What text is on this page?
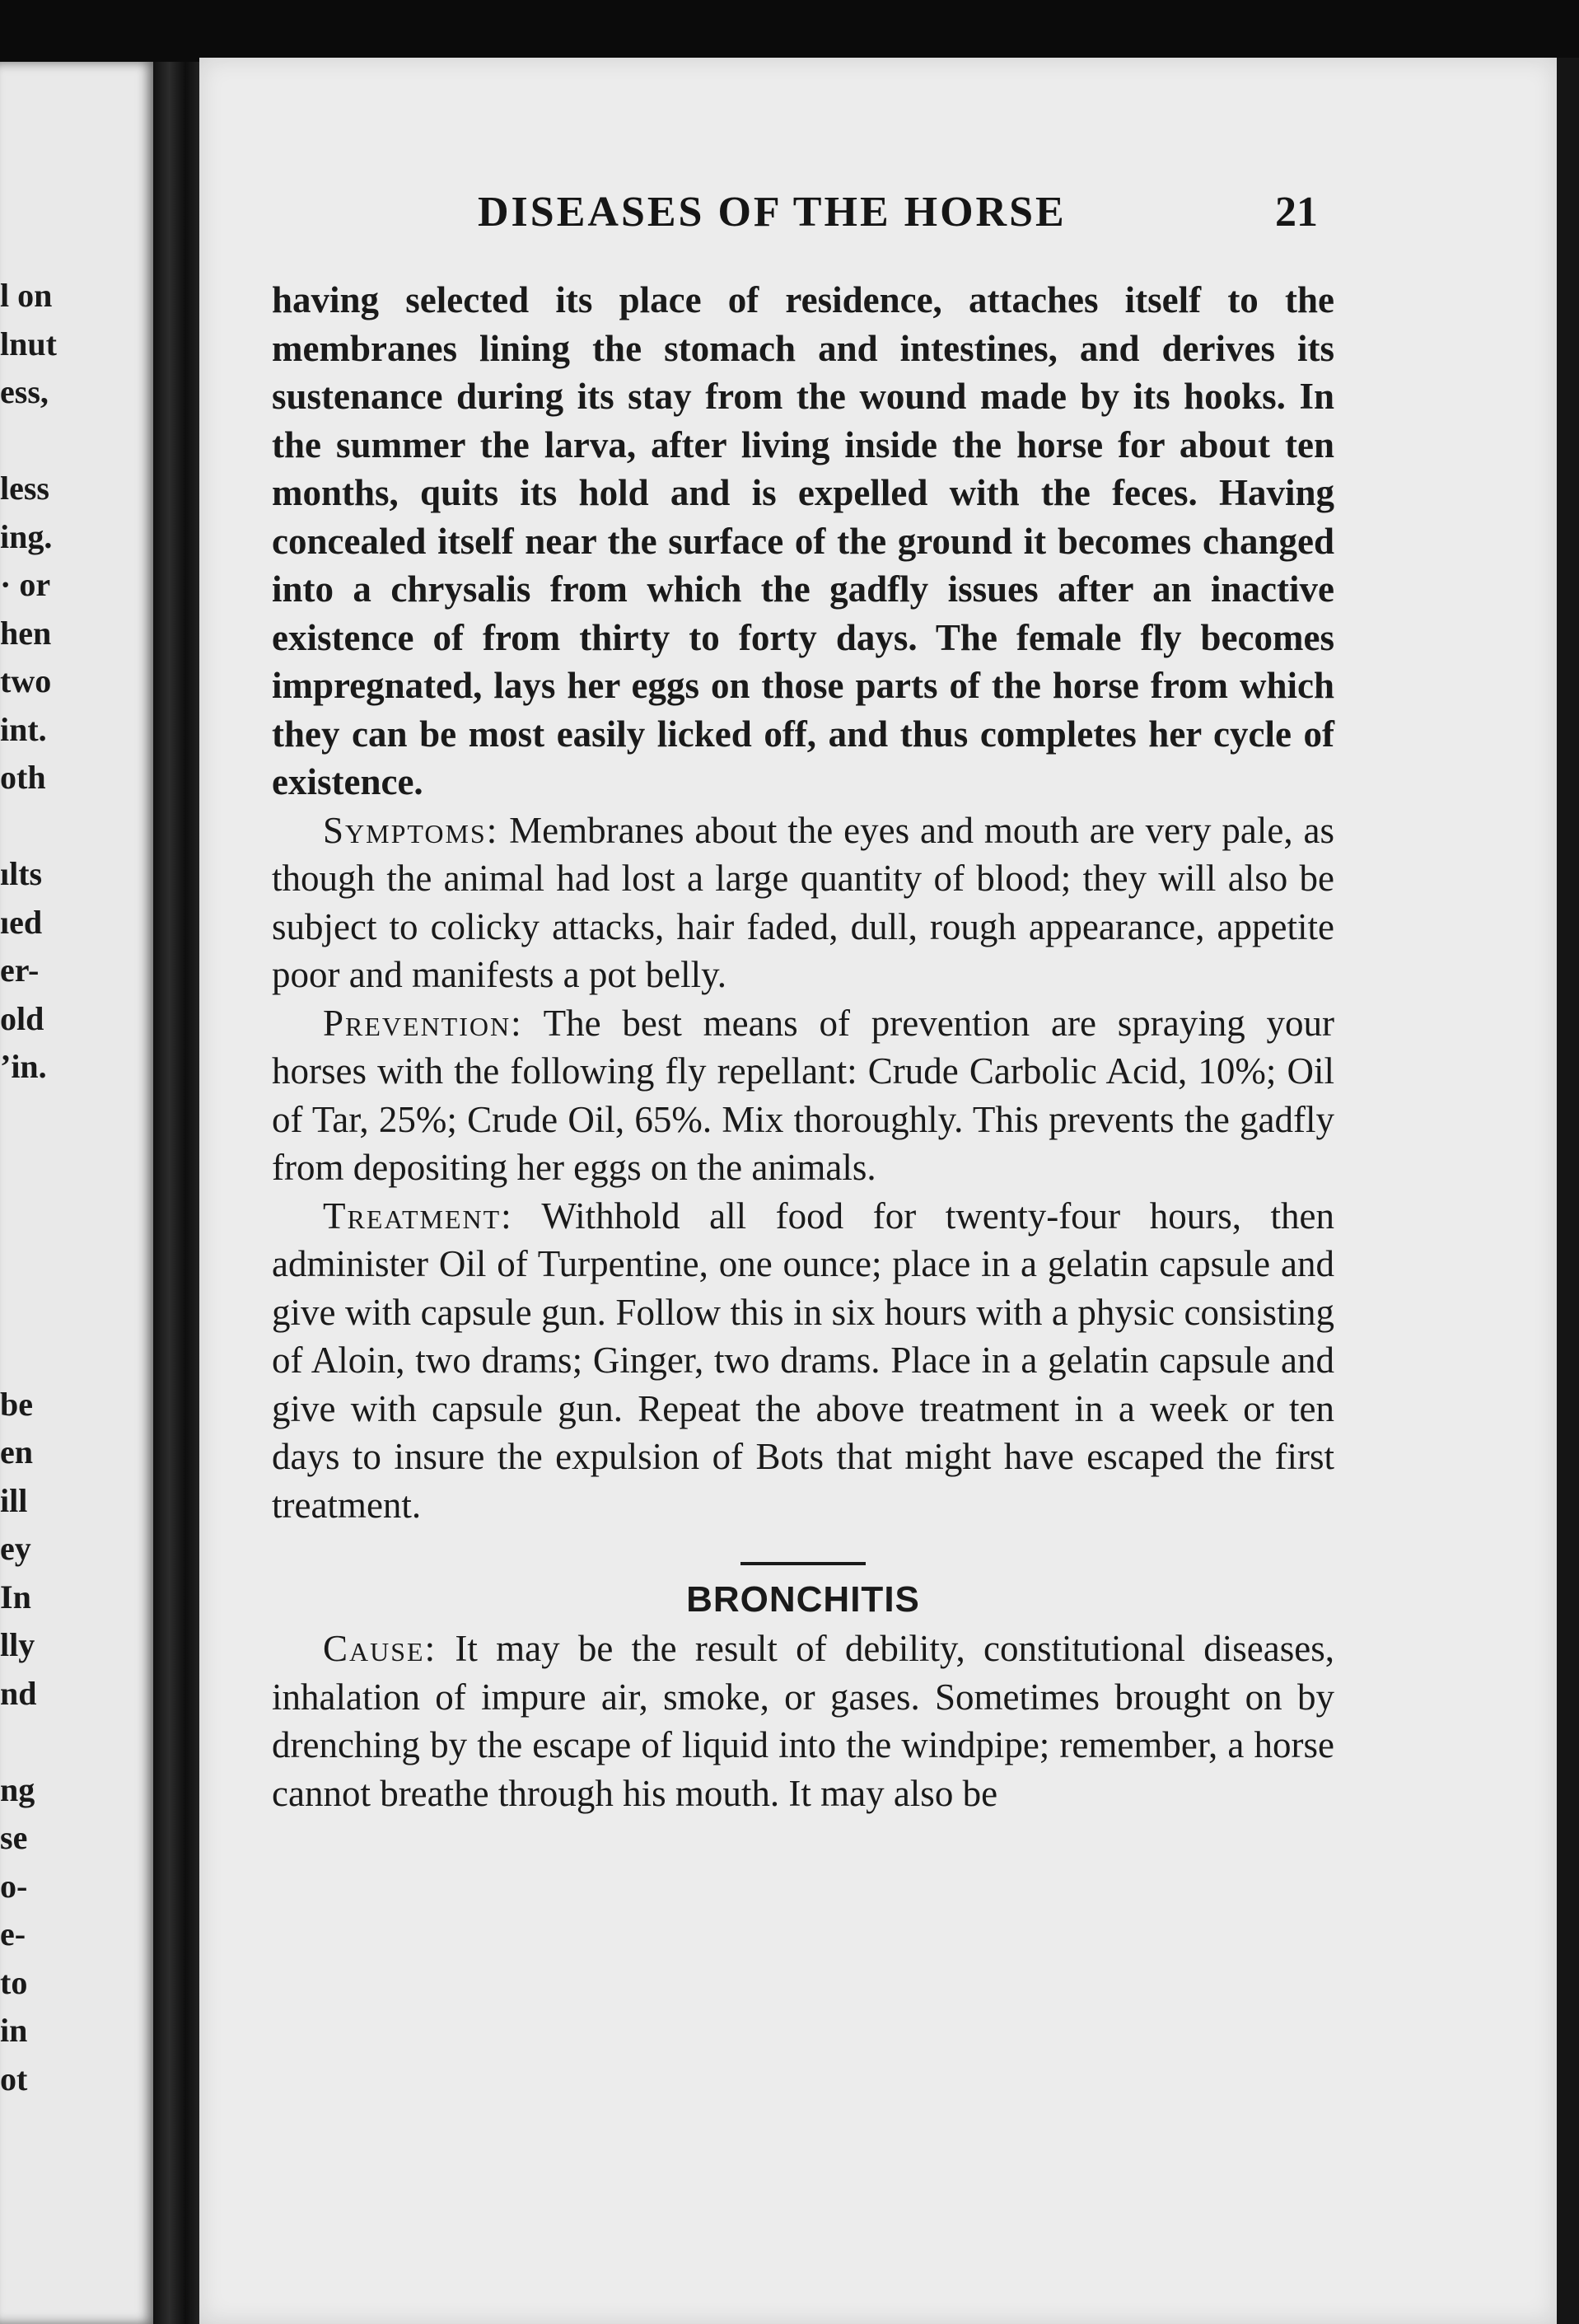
l on
lnut
ess,
less
ing.
· or
hen
two
int.
oth
ılts
ıed
er-
old
ʼin.
be
en
ill
ey
In
lly
nd
ng
se
o-
e-
to
in
ot
DISEASES OF THE HORSE	21

having selected its place of residence, attaches itself to the membranes lining the stomach and intestines, and derives its sustenance during its stay from the wound made by its hooks. In the summer the larva, after living inside the horse for about ten months, quits its hold and is expelled with the feces. Having concealed itself near the surface of the ground it becomes changed into a chrysalis from which the gadfly issues after an inactive existence of from thirty to forty days. The female fly becomes impregnated, lays her eggs on those parts of the horse from which they can be most easily licked off, and thus completes her cycle of existence.

Symptoms: Membranes about the eyes and mouth are very pale, as though the animal had lost a large quantity of blood; they will also be subject to colicky attacks, hair faded, dull, rough appearance, appetite poor and manifests a pot belly.

Prevention: The best means of prevention are spraying your horses with the following fly repellant: Crude Carbolic Acid, 10%; Oil of Tar, 25%; Crude Oil, 65%. Mix thoroughly. This prevents the gadfly from depositing her eggs on the animals.

Treatment: Withhold all food for twenty-four hours, then administer Oil of Turpentine, one ounce; place in a gelatin capsule and give with capsule gun. Follow this in six hours with a physic consisting of Aloin, two drams; Ginger, two drams. Place in a gelatin capsule and give with capsule gun. Repeat the above treatment in a week or ten days to insure the expulsion of Bots that might have escaped the first treatment.

BRONCHITIS

Cause: It may be the result of debility, constitutional diseases, inhalation of impure air, smoke, or gases. Sometimes brought on by drenching by the escape of liquid into the windpipe; remember, a horse cannot breathe through his mouth. It may also be
